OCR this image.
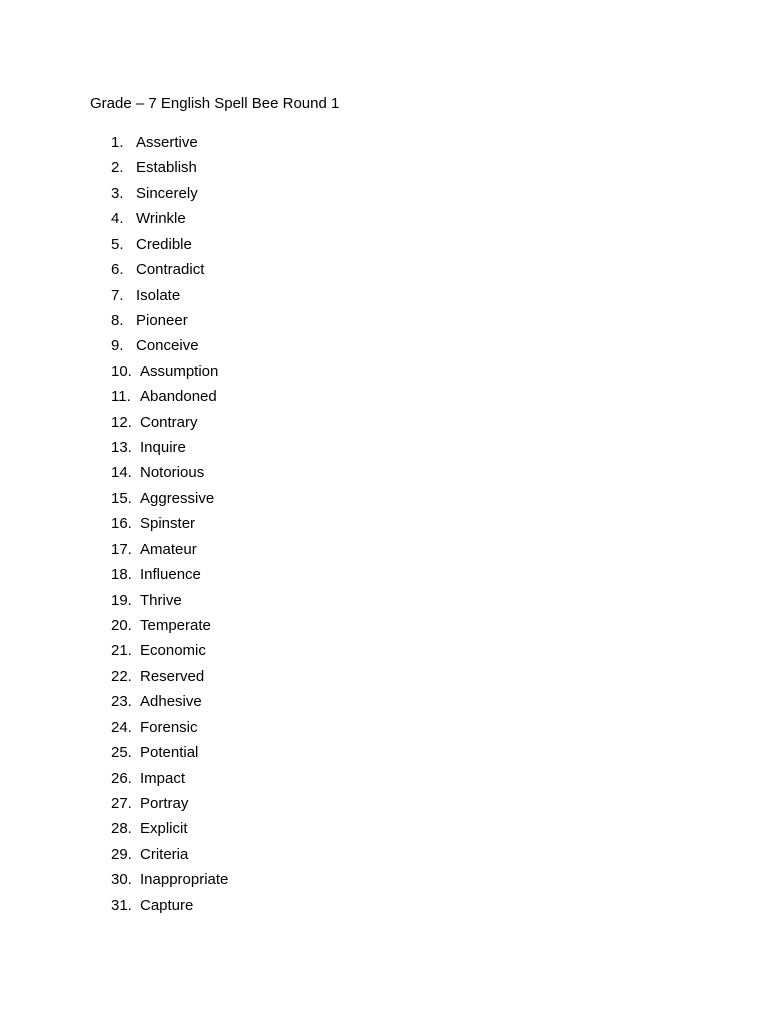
Grade – 7 English Spell Bee Round 1
1. Assertive
2. Establish
3. Sincerely
4. Wrinkle
5. Credible
6. Contradict
7. Isolate
8. Pioneer
9. Conceive
10. Assumption
11. Abandoned
12. Contrary
13. Inquire
14. Notorious
15. Aggressive
16. Spinster
17. Amateur
18. Influence
19. Thrive
20. Temperate
21. Economic
22. Reserved
23. Adhesive
24. Forensic
25. Potential
26. Impact
27. Portray
28. Explicit
29. Criteria
30. Inappropriate
31. Capture
